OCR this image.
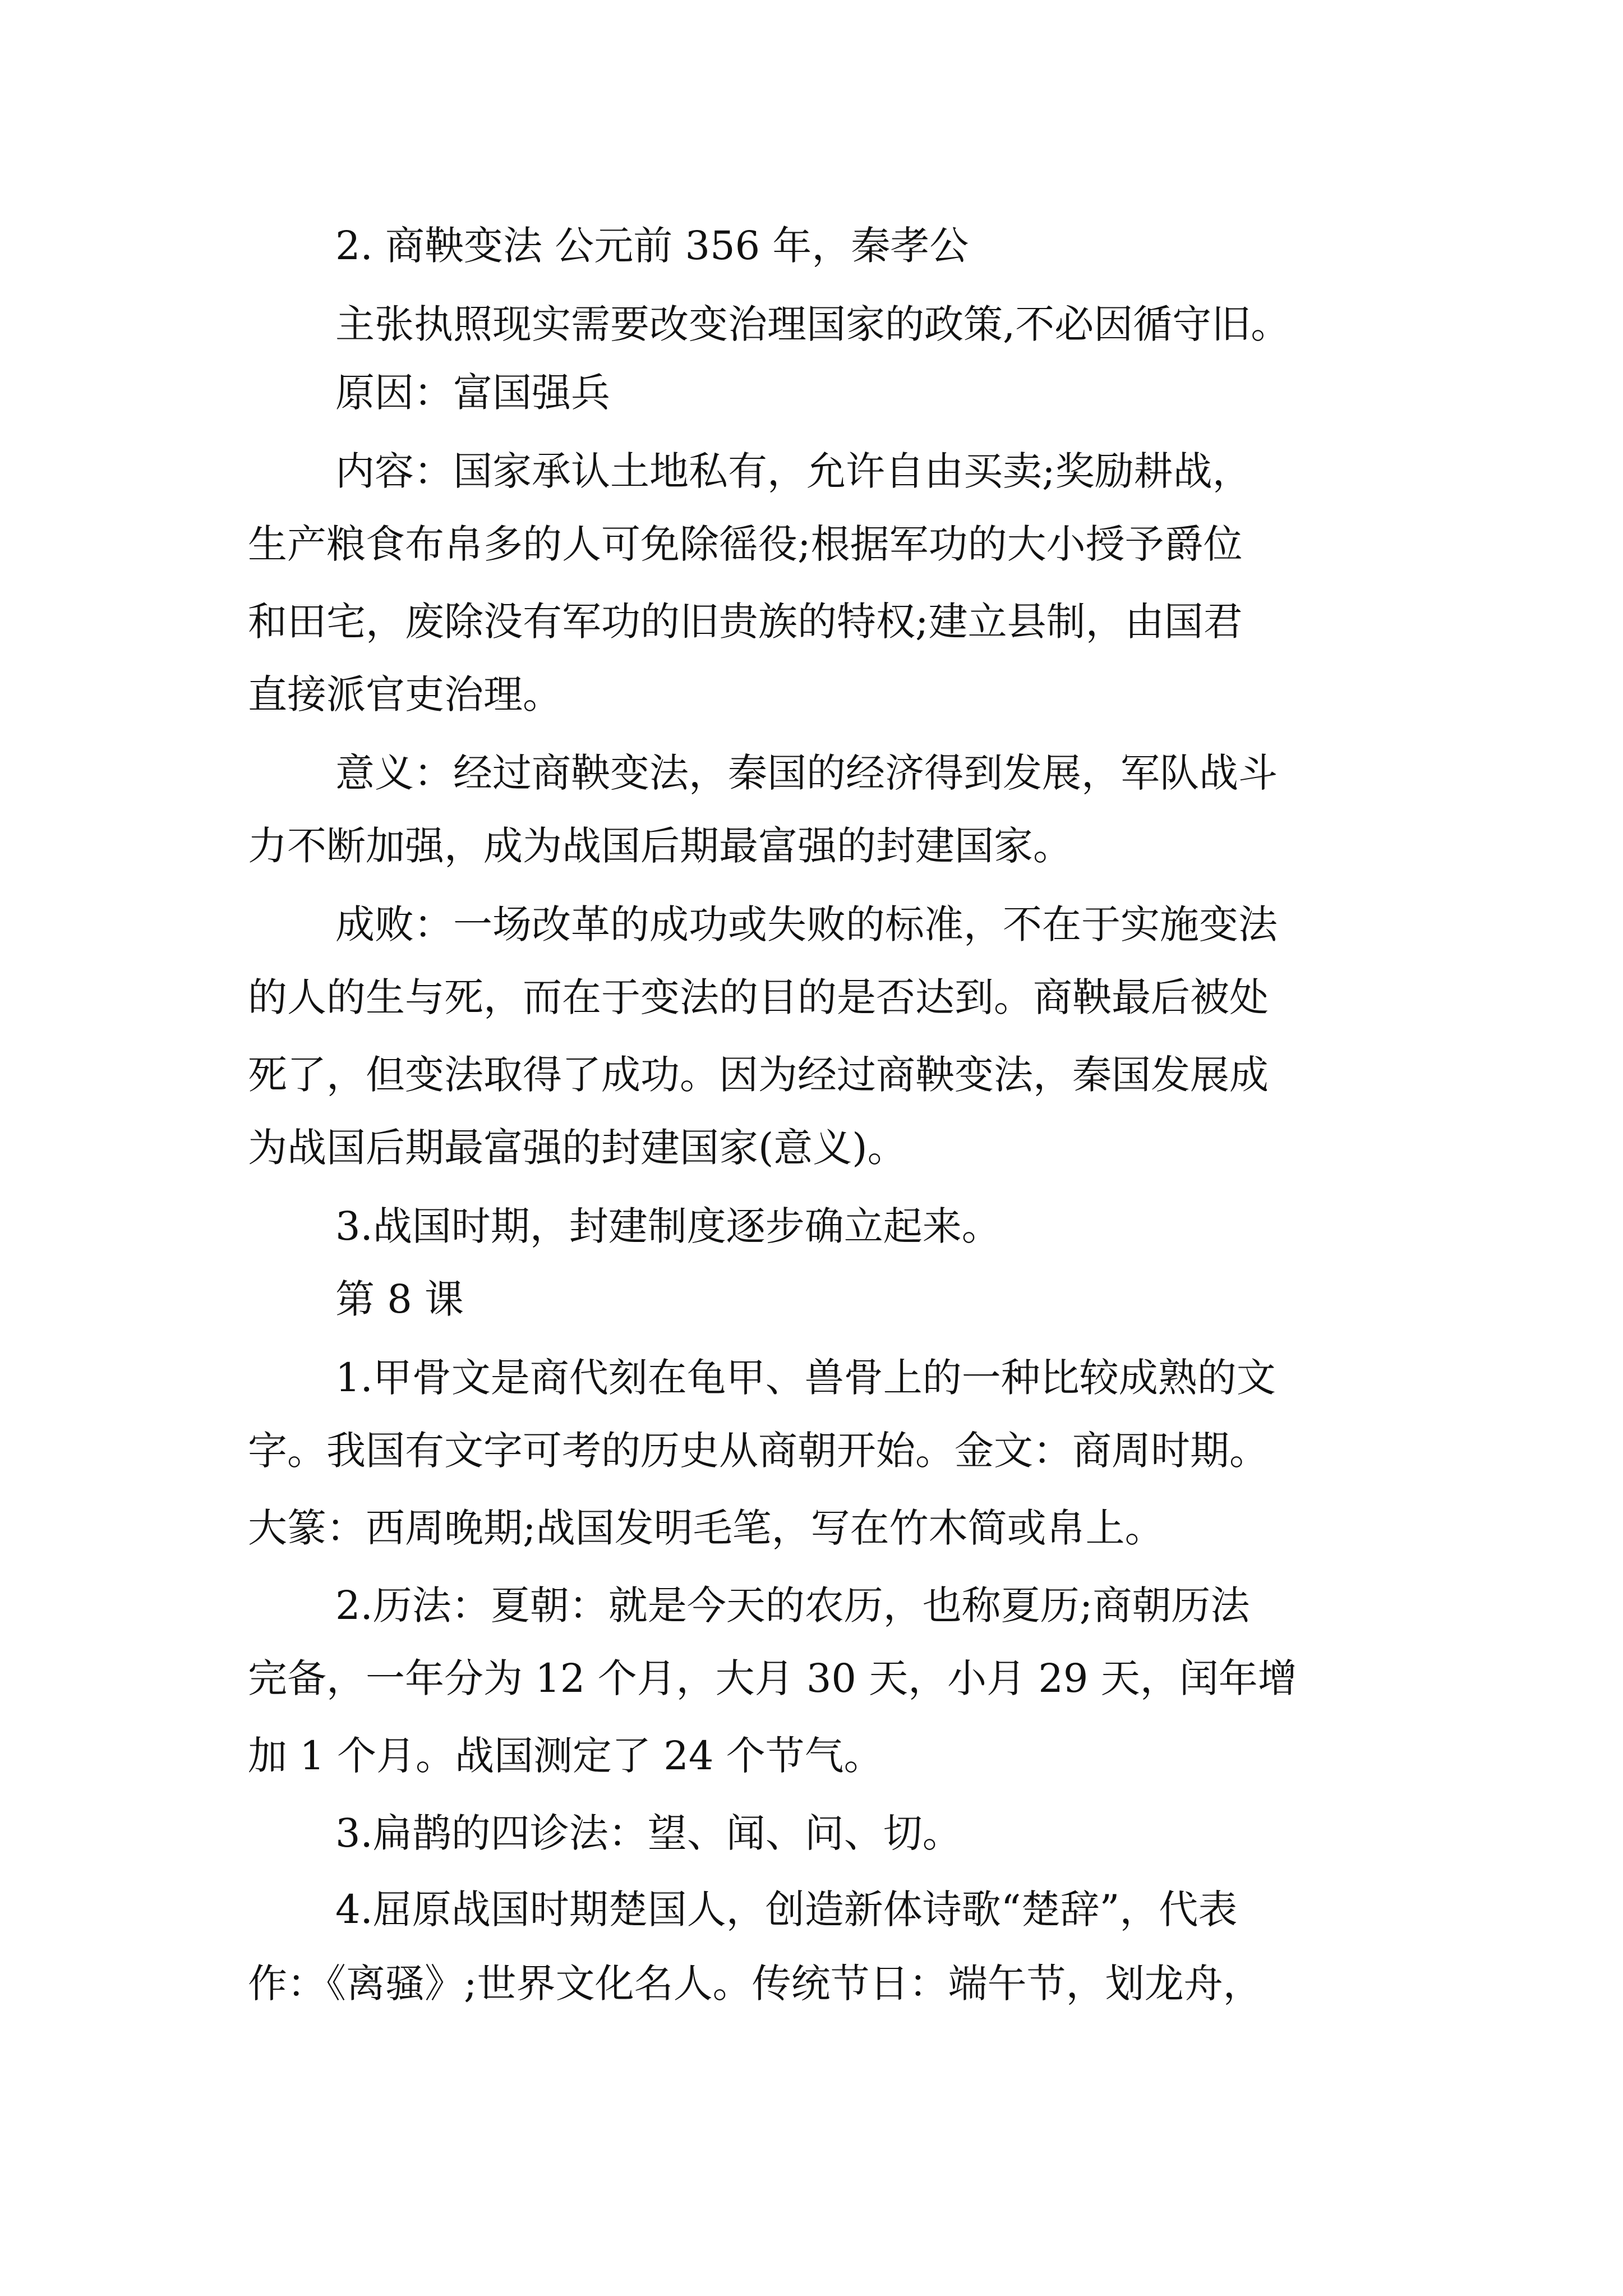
2. 商鞅变法 公元前 356 年，秦孝公
主张执照现实需要改变治理国家的政策,不必因循守旧。
原因：富国强兵
内容：国家承认土地私有，允许自由买卖;奖励耕战，
生产粮食布帛多的人可免除徭役;根据军功的大小授予爵位
和田宅，废除没有军功的旧贵族的特权;建立县制，由国君
直接派官吏治理。
意义：经过商鞅变法，秦国的经济得到发展，军队战斗
力不断加强，成为战国后期最富强的封建国家。
成败：一场改革的成功或失败的标准，不在于实施变法
的人的生与死，而在于变法的目的是否达到。商鞅最后被处
死了，但变法取得了成功。因为经过商鞅变法，秦国发展成
为战国后期最富强的封建国家(意义)。
3.战国时期，封建制度逐步确立起来。
第 8 课
1.甲骨文是商代刻在龟甲、兽骨上的一种比较成熟的文
字。我国有文字可考的历史从商朝开始。金文：商周时期。
大篆：西周晚期;战国发明毛笔，写在竹木简或帛上。
2.历法：夏朝：就是今天的农历，也称夏历;商朝历法
完备，一年分为 12 个月，大月 30 天，小月 29 天，闰年增
加 1 个月。战国测定了 24 个节气。
3.扁鹊的四诊法：望、闻、问、切。
4.屈原战国时期楚国人，创造新体诗歌“楚辞”，代表
作：《离骚》;世界文化名人。传统节日：端午节，划龙舟，
